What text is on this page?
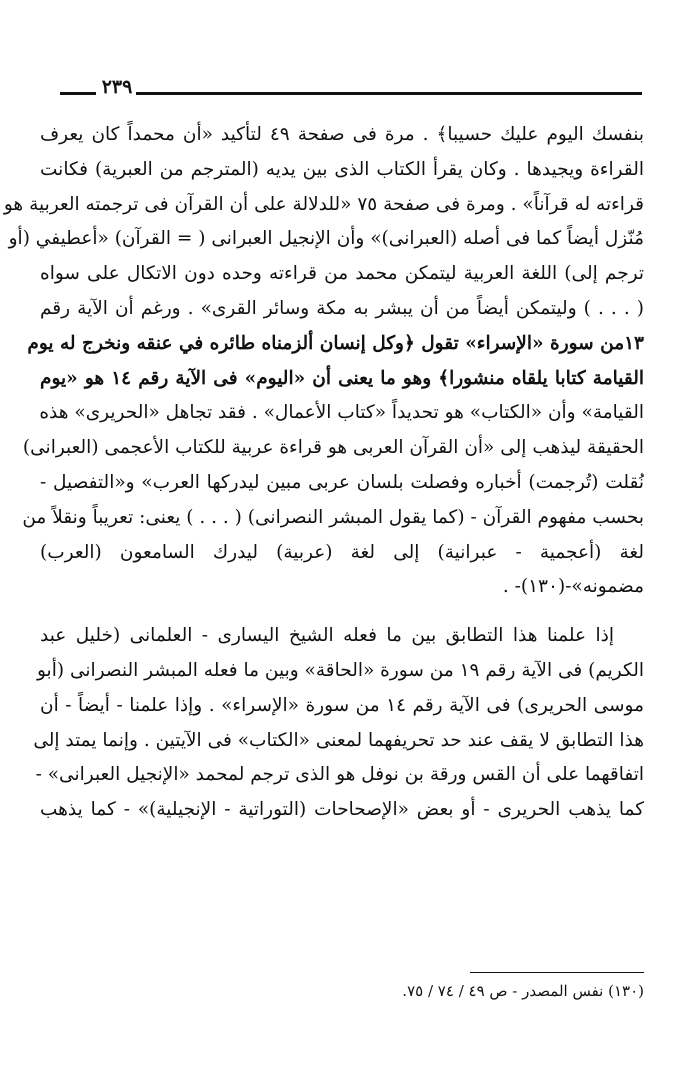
٢٣٩
بنفسك اليوم عليك حسيبا﴾ . مرة فى صفحة ٤٩ لتأكيد «أن محمداً كان يعرف
القراءة ويجيدها . وكان يقرأ الكتاب الذى بين يديه (المترجم من العبرية) فكانت
قراءته له قرآناً» . ومرة فى صفحة ٧٥ «للدلالة على أن القرآن فى ترجمته العربية هو
مُنّزل أيضاً كما فى أصله (العبرانى)» وأن الإنجيل العبرانى ( = القرآن) «أعطيفي (أو
ترجم إلى) اللغة العربية ليتمكن محمد من قراءته وحده دون الاتكال على سواه
( . . . ) وليتمكن أيضاً من أن يبشر به مكة وسائر القرى» . ورغم أن الآية رقم
١٣من سورة «الإسراء» تقول ﴿وكل إنسان ألزمناه طائره في عنقه ونخرج له يوم
القيامة كتابا يلقاه منشورا﴾ وهو ما يعنى أن «اليوم» فى الآية رقم ١٤ هو «يوم
القيامة» وأن «الكتاب» هو تحديداً «كتاب الأعمال» . فقد تجاهل «الحريرى» هذه
الحقيقة ليذهب إلى «أن القرآن العربى هو قراءة عربية للكتاب الأعجمى (العبرانى)
نُقلت (تُرجمت) أخباره وفصلت بلسان عربى مبين ليدركها العرب» و«التفصيل -
بحسب مفهوم القرآن - (كما يقول المبشر النصرانى) ( . . . ) يعنى: تعريباً ونقلاً من
لغة (أعجمية - عبرانية) إلى لغة (عربية) ليدرك السامعون (العرب)
مضمونه»-(١٣٠)- .
إذا علمنا هذا التطابق بين ما فعله الشيخ اليسارى - العلمانى (خليل عبد
الكريم) فى الآية رقم ١٩ من سورة «الحاقة» وبين ما فعله المبشر النصرانى (أبو
موسى الحريرى) فى الآية رقم ١٤ من سورة «الإسراء» . وإذا علمنا - أيضاً - أن
هذا التطابق لا يقف عند حد تحريفهما لمعنى «الكتاب» فى الآيتين . وإنما يمتد إلى
اتفاقهما على أن القس ورقة بن نوفل هو الذى ترجم لمحمد «الإنجيل العبرانى» -
كما يذهب الحريرى - أو بعض «الإصحاحات (التوراتية - الإنجيلية)» - كما يذهب
(١٣٠) نفس المصدر - ص ٤٩ / ٧٤ / ٧٥.
